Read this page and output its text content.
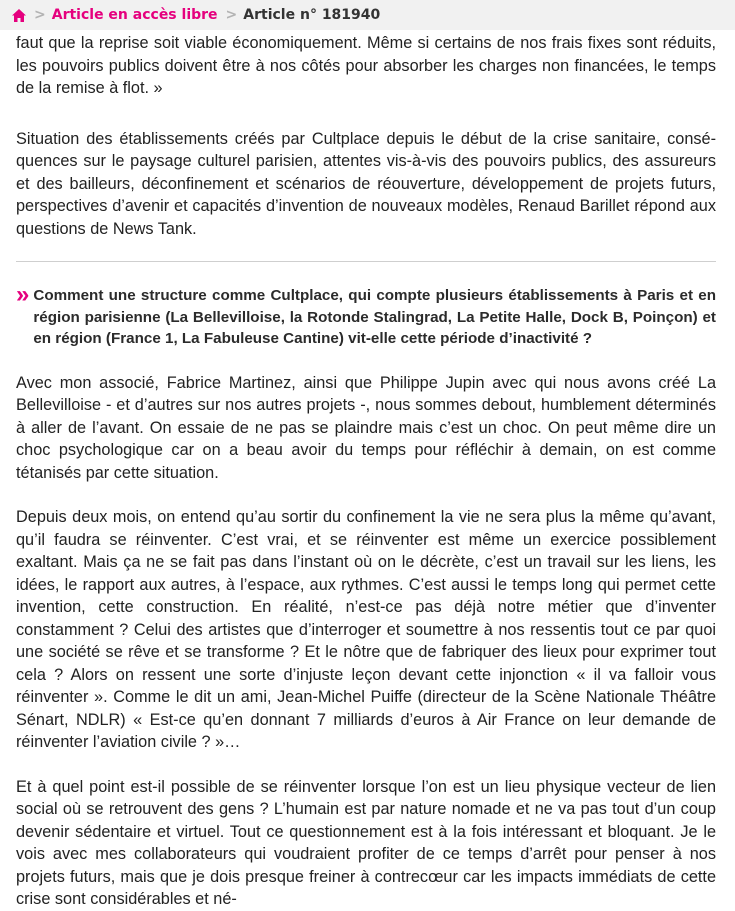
> Article en accès libre > Article n° 181940

faut que la reprise soit viable économiquement. Même si certains de nos frais fixes sont réduits, les pouvoirs publics doivent être à nos côtés pour absorber les charges non financées, le temps de la remise à flot. »

Situation des établissements créés par Cultplace depuis le début de la crise sanitaire, conséquences sur le paysage culturel parisien, attentes vis-à-vis des pouvoirs publics, des assureurs et des bailleurs, déconfinement et scénarios de réouverture, développement de projets futurs, perspectives d’avenir et capacités d’invention de nouveaux modèles, Renaud Barillet répond aux questions de News Tank.

» Comment une structure comme Cultplace, qui compte plusieurs établissements à Paris et en région parisienne (La Bellevilloise, la Rotonde Stalingrad, La Petite Halle, Dock B, Poinçon) et en région (France 1, La Fabuleuse Cantine) vit-elle cette période d’inactivité ?

Avec mon associé, Fabrice Martinez, ainsi que Philippe Jupin avec qui nous avons créé La Bellevilloise - et d’autres sur nos autres projets -, nous sommes debout, humblement déterminés à aller de l’avant. On essaie de ne pas se plaindre mais c’est un choc. On peut même dire un choc psychologique car on a beau avoir du temps pour réfléchir à demain, on est comme tétanisés par cette situation.

Depuis deux mois, on entend qu’au sortir du confinement la vie ne sera plus la même qu’avant, qu’il faudra se réinventer. C’est vrai, et se réinventer est même un exercice possiblement exaltant. Mais ça ne se fait pas dans l’instant où on le décrète, c’est un travail sur les liens, les idées, le rapport aux autres, à l’espace, aux rythmes. C’est aussi le temps long qui permet cette invention, cette construction. En réalité, n’est-ce pas déjà notre métier que d’inventer constamment ? Celui des artistes que d’interroger et soumettre à nos ressentis tout ce par quoi une société se rêve et se transforme ? Et le nôtre que de fabriquer des lieux pour exprimer tout cela ? Alors on ressent une sorte d’injuste leçon devant cette injonction « il va falloir vous réinventer ». Comme le dit un ami, Jean-Michel Puiffe (directeur de la Scène Nationale Théâtre Sénart, NDLR) « Est-ce qu’en donnant 7 milliards d’euros à Air France on leur demande de réinventer l’aviation civile ? »…

Et à quel point est-il possible de se réinventer lorsque l’on est un lieu physique vecteur de lien social où se retrouvent des gens ? L’humain est par nature nomade et ne va pas tout d’un coup devenir sédentaire et virtuel. Tout ce questionnement est à la fois intéressant et bloquant. Je le vois avec mes collaborateurs qui voudraient profiter de ce temps d’arrêt pour penser à nos projets futurs, mais que je dois presque freiner à contrecœur car les impacts immédiats de cette crise sont considérables et né-
